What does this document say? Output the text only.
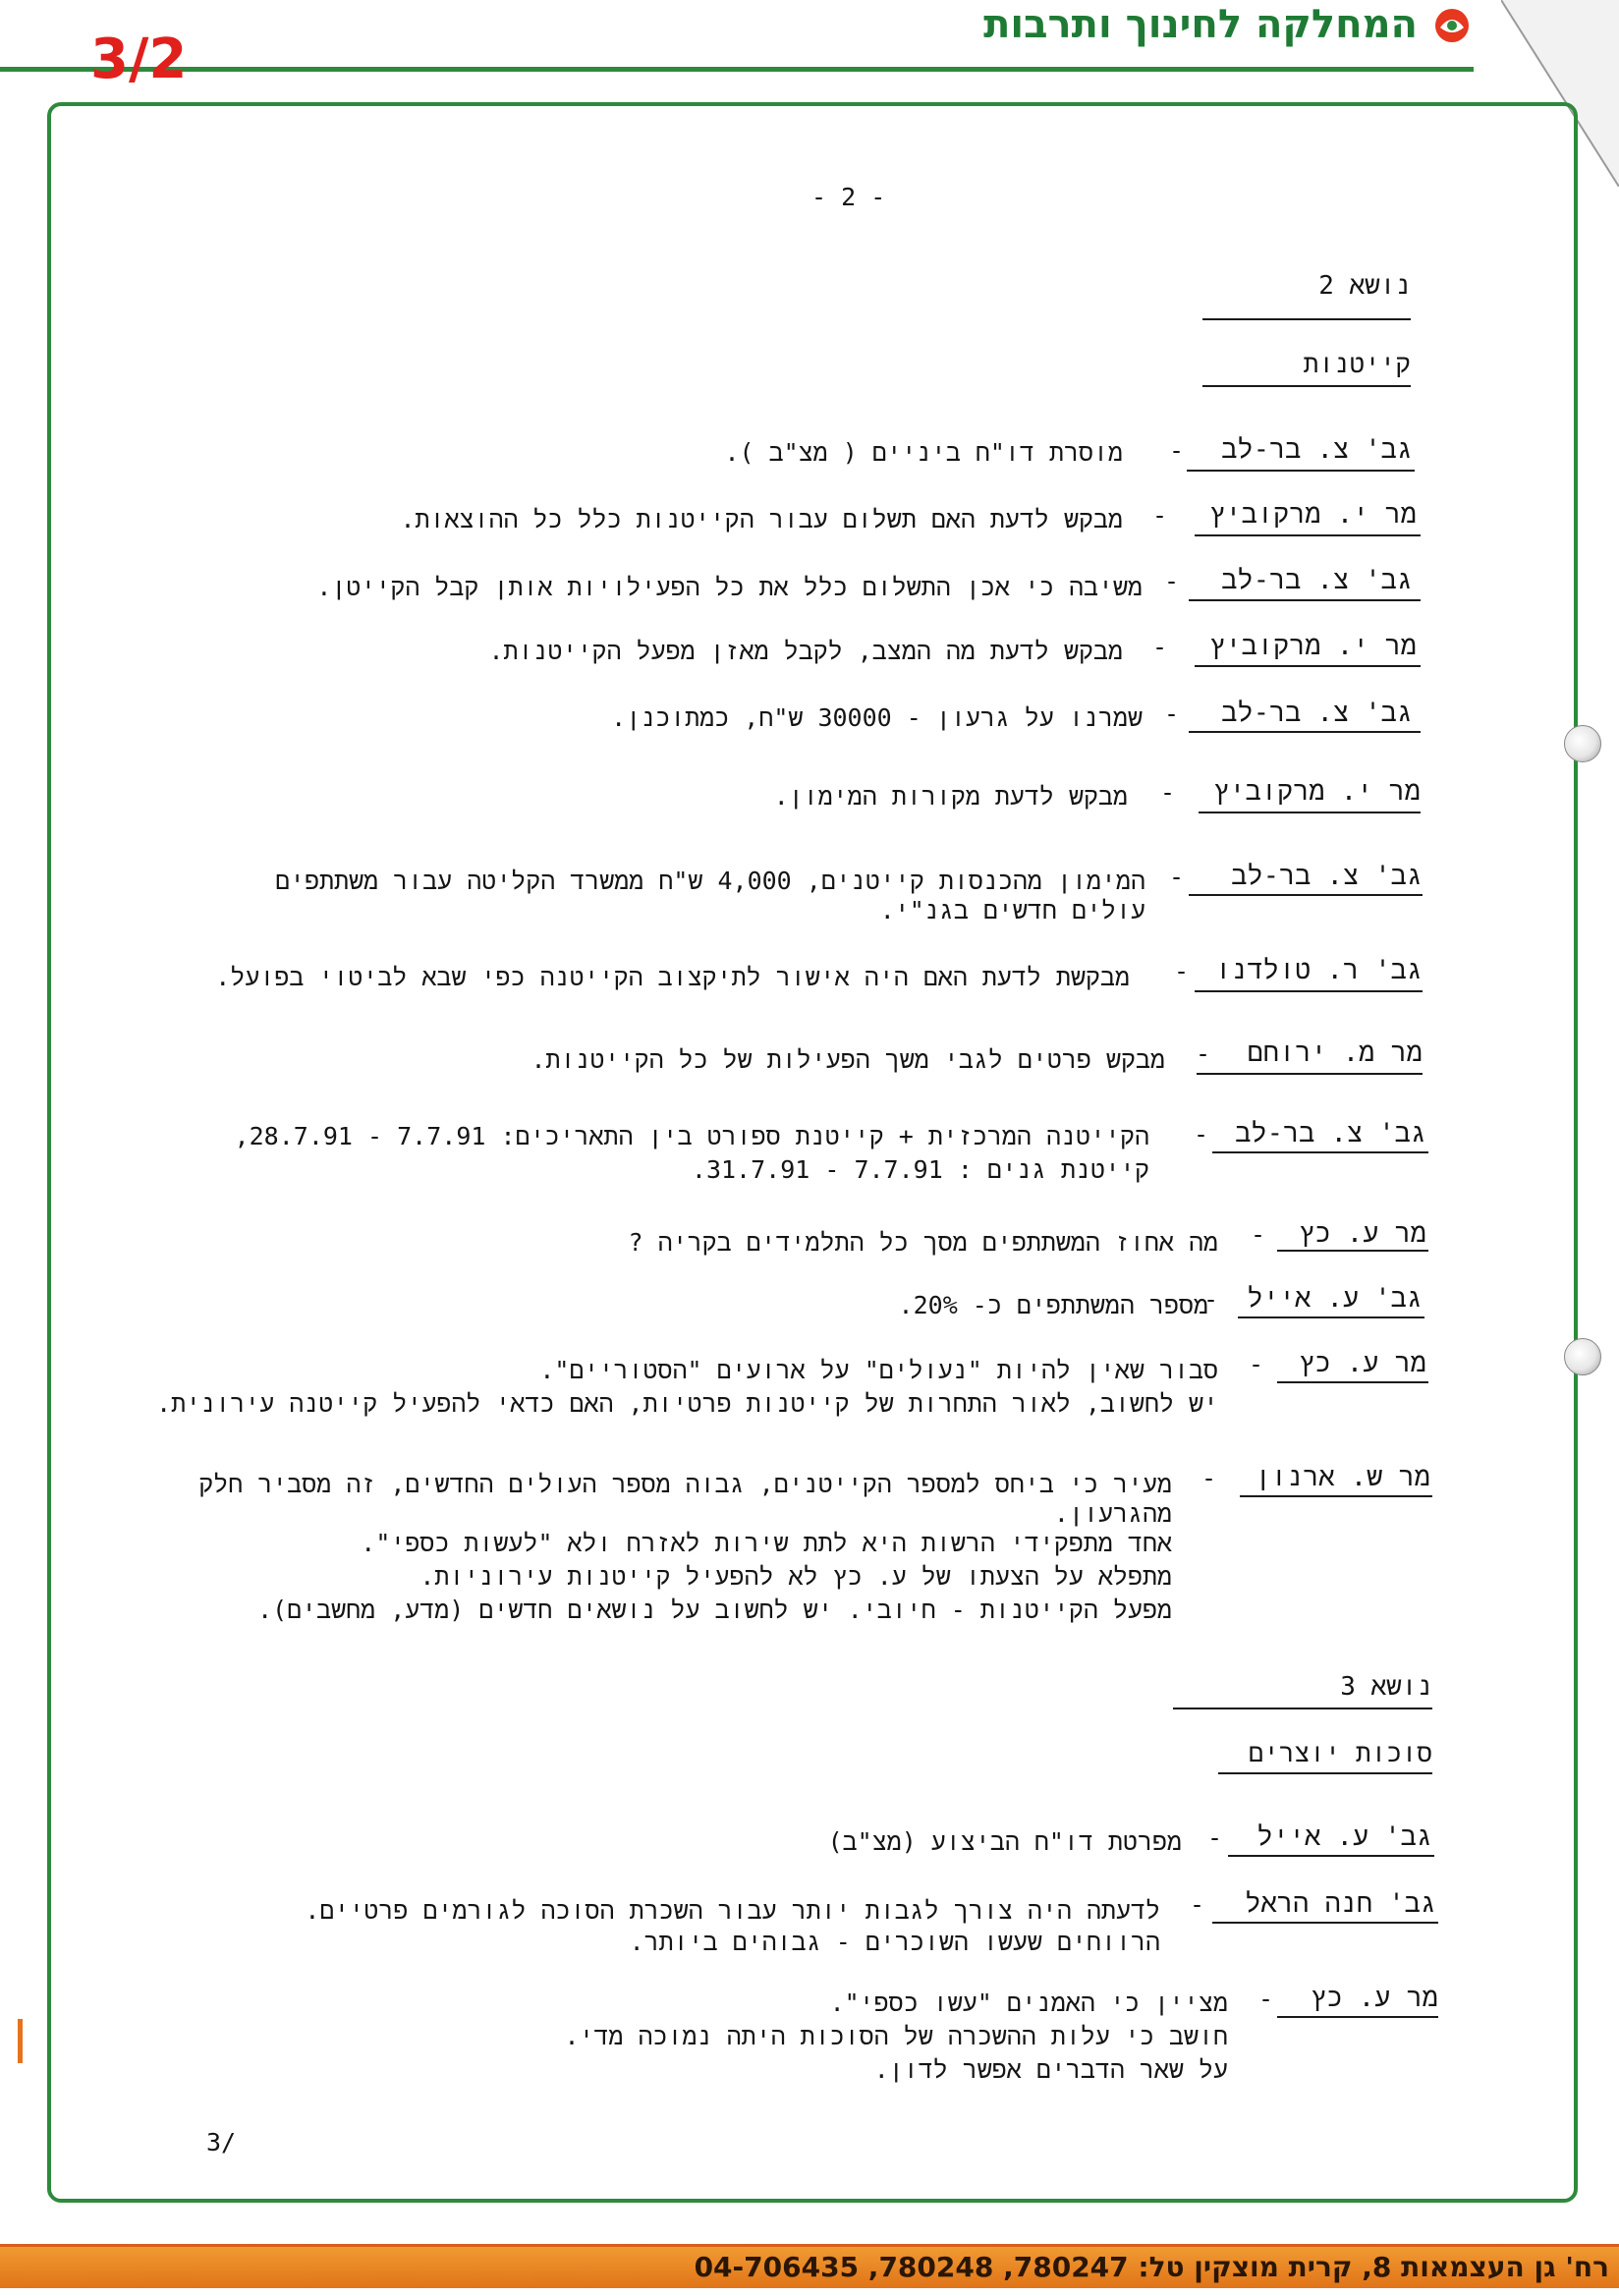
המחלקה לחינוך ותרבות
3/2
- 2 -
נושא 2
קייטנות
גב' צ. בר-לב
-
מוסרת דו"ח ביניים ( מצ"ב ).
מר י. מרקוביץ
-
מבקש לדעת האם תשלום עבור הקייטנות כלל כל ההוצאות.
גב' צ. בר-לב
-
משיבה כי אכן התשלום כלל את כל הפעילויות אותן קבל הקייטן.
מר י. מרקוביץ
-
מבקש לדעת מה המצב, לקבל מאזן מפעל הקייטנות.
גב' צ. בר-לב
-
שמרנו על גרעון - 30000 ש"ח, כמתוכנן.
מר י. מרקוביץ
-
מבקש לדעת מקורות המימון.
גב' צ. בר-לב
-
המימון מהכנסות קייטנים, 4,000 ש"ח ממשרד הקליטה עבור משתתפים
עולים חדשים בגנ"י.
גב' ר. טולדנו
-
מבקשת לדעת האם היה אישור לתיקצוב הקייטנה כפי שבא לביטוי בפועל.
מר מ. ירוחם
-
מבקש פרטים לגבי משך הפעילות של כל הקייטנות.
גב' צ. בר-לב
-
הקייטנה המרכזית + קייטנת ספורט בין התאריכים: 7.7.91 - 28.7.91,
קייטנת גנים : 7.7.91 - 31.7.91.
מר ע. כץ
-
מה אחוז המשתתפים מסך כל התלמידים בקריה ?
גב' ע. אייל
-
מספר המשתתפים כ- 20%.
מר ע. כץ
-
סבור שאין להיות "נעולים" על ארועים "הסטוריים".
יש לחשוב, לאור התחרות של קייטנות פרטיות, האם כדאי להפעיל קייטנה עירונית.
מר ש. ארנון
-
מעיר כי ביחס למספר הקייטנים, גבוה מספר העולים החדשים, זה מסביר חלק
מהגרעון.
אחד מתפקידי הרשות היא לתת שירות לאזרח ולא "לעשות כספי".
מתפלא על הצעתו של ע. כץ לא להפעיל קייטנות עירוניות.
מפעל הקייטנות - חיובי. יש לחשוב על נושאים חדשים (מדע, מחשבים).
נושא 3
סוכות יוצרים
גב' ע. אייל
-
מפרטת דו"ח הביצוע (מצ"ב)
גב' חנה הראל
-
לדעתה היה צורך לגבות יותר עבור השכרת הסוכה לגורמים פרטיים.
הרווחים שעשו השוכרים - גבוהים ביותר.
מר ע. כץ
-
מציין כי האמנים "עשו כספי".
חושב כי עלות ההשכרה של הסוכות היתה נמוכה מדי.
על שאר הדברים אפשר לדון.
3/
רח' גן העצמאות 8, קרית מוצקין טל: 780247, 780248, 04-706435
